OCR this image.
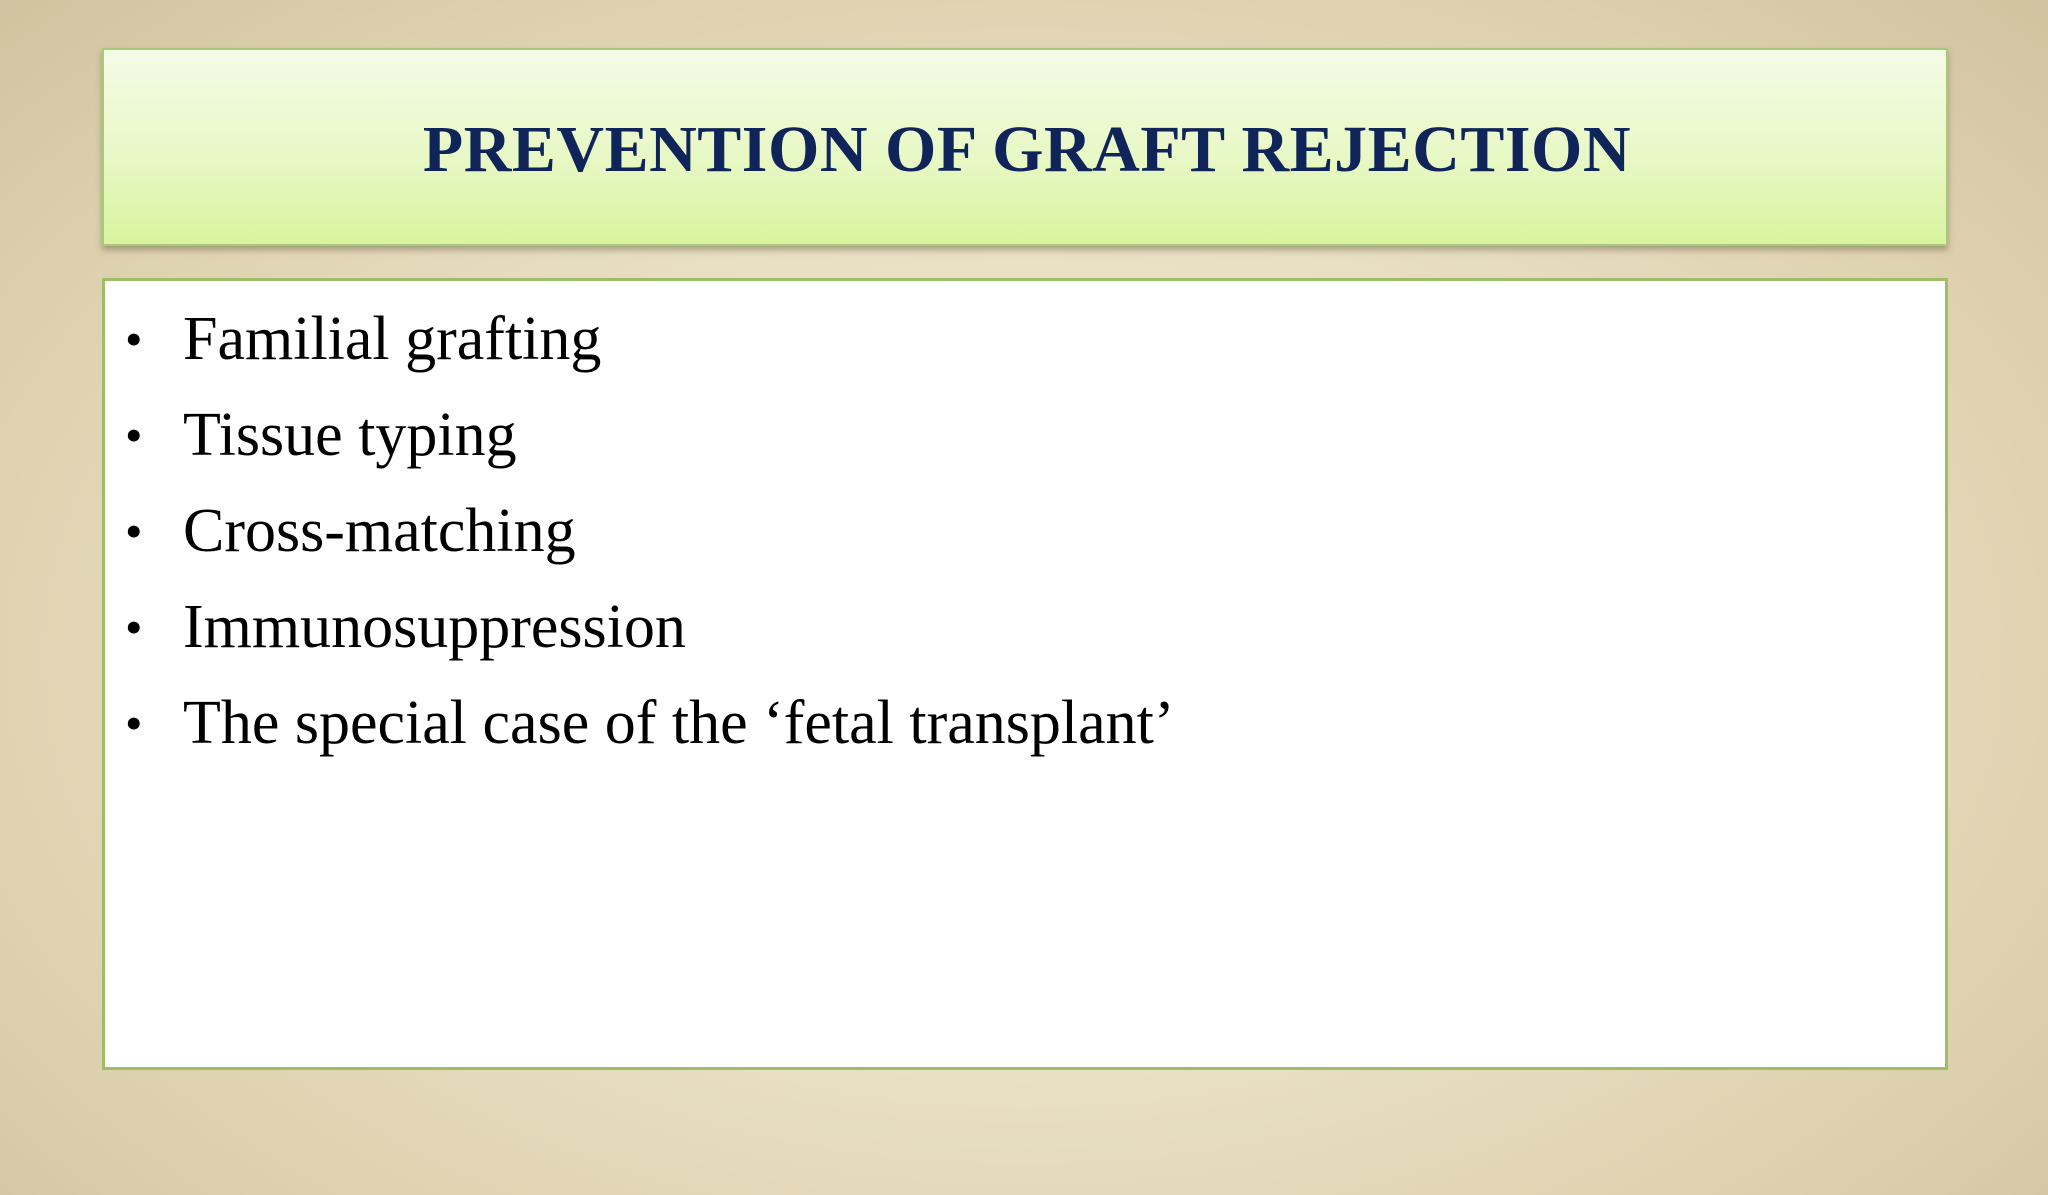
PREVENTION OF GRAFT REJECTION
• Familial grafting
• Tissue typing
• Cross-matching
• Immunosuppression
• The special case of the ‘fetal transplant’
